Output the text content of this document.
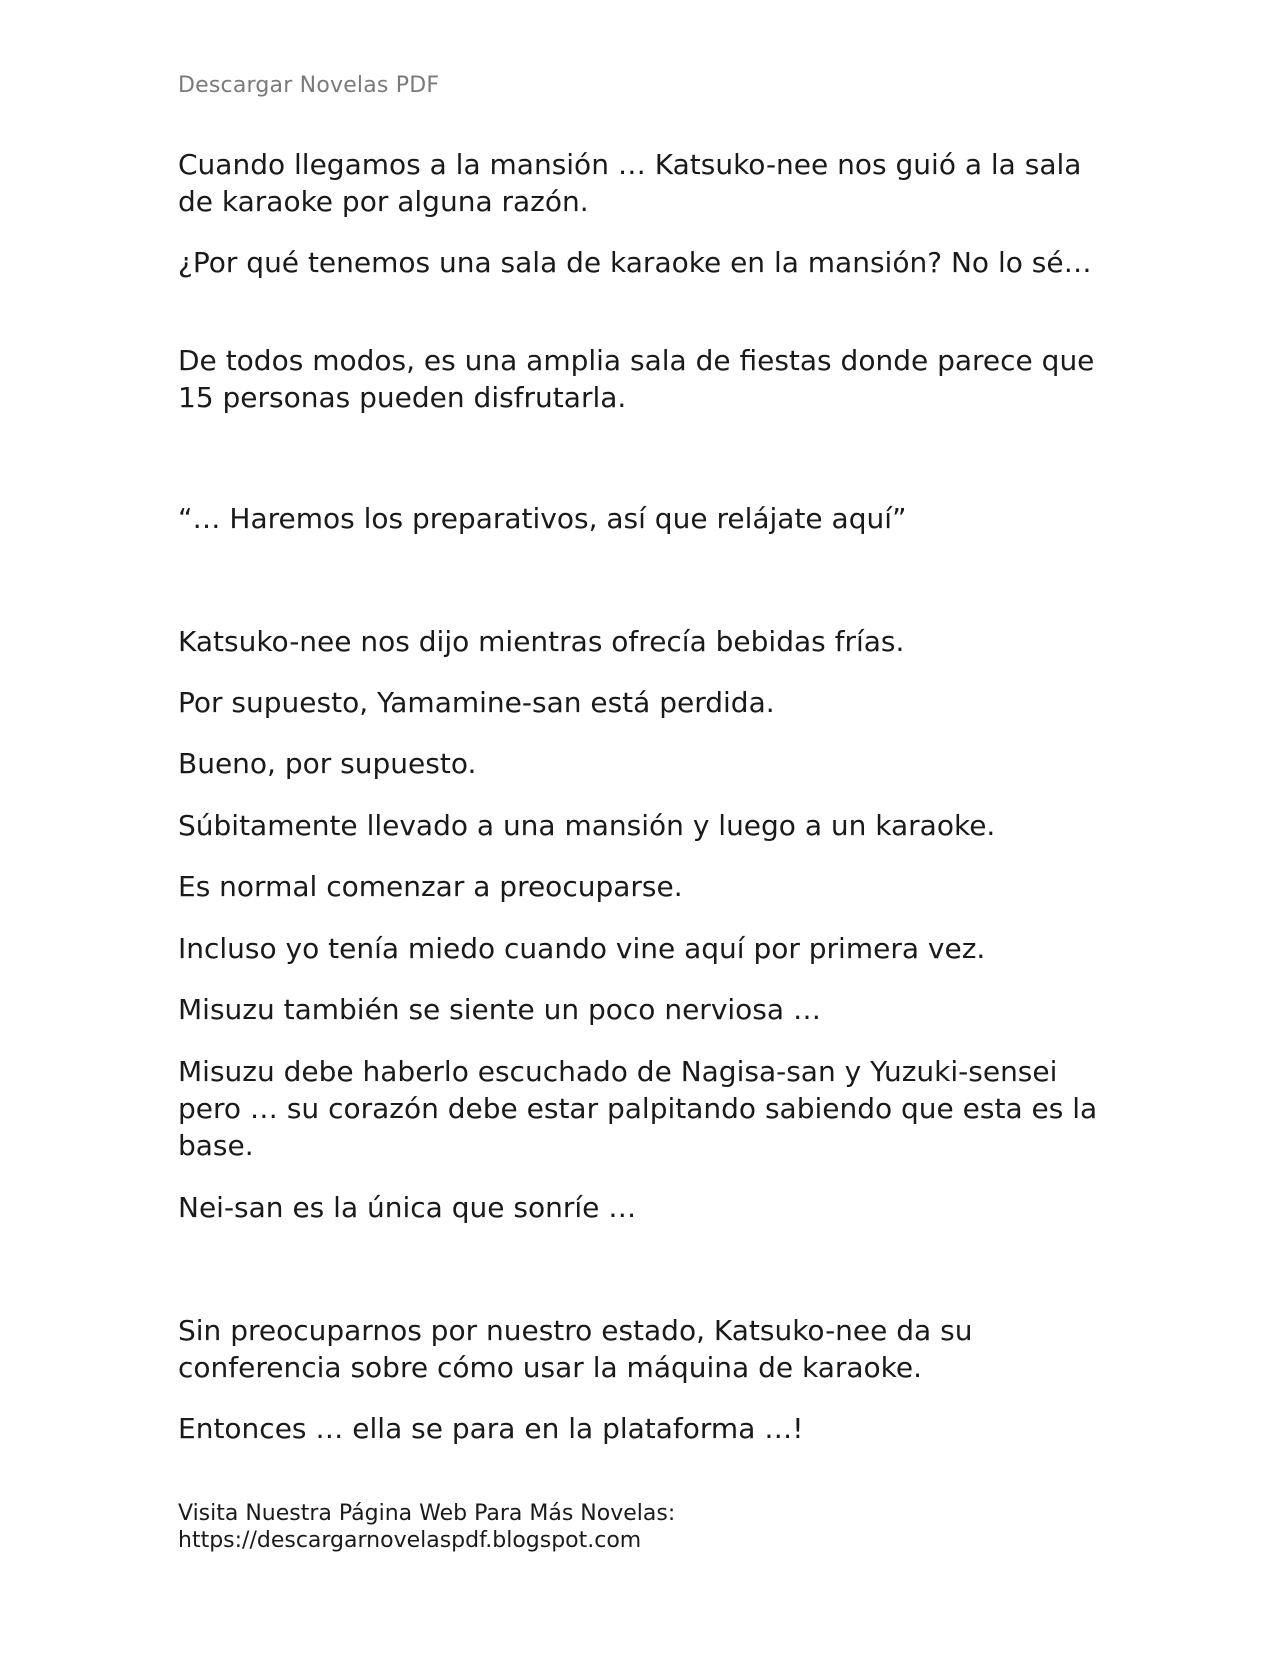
Descargar Novelas PDF

Cuando llegamos a la mansión … Katsuko-nee nos guió a la sala de karaoke por alguna razón.

¿Por qué tenemos una sala de karaoke en la mansión? No lo sé…

De todos modos, es una amplia sala de fiestas donde parece que 15 personas pueden disfrutarla.

“… Haremos los preparativos, así que relájate aquí”

Katsuko-nee nos dijo mientras ofrecía bebidas frías.

Por supuesto, Yamamine-san está perdida.

Bueno, por supuesto.

Súbitamente llevado a una mansión y luego a un karaoke.

Es normal comenzar a preocuparse.

Incluso yo tenía miedo cuando vine aquí por primera vez.

Misuzu también se siente un poco nerviosa …

Misuzu debe haberlo escuchado de Nagisa-san y Yuzuki-sensei pero … su corazón debe estar palpitando sabiendo que esta es la base.

Nei-san es la única que sonríe …

Sin preocuparnos por nuestro estado, Katsuko-nee da su conferencia sobre cómo usar la máquina de karaoke.

Entonces … ella se para en la plataforma …!

Visita Nuestra Página Web Para Más Novelas:
https://descargarnovelaspdf.blogspot.com
